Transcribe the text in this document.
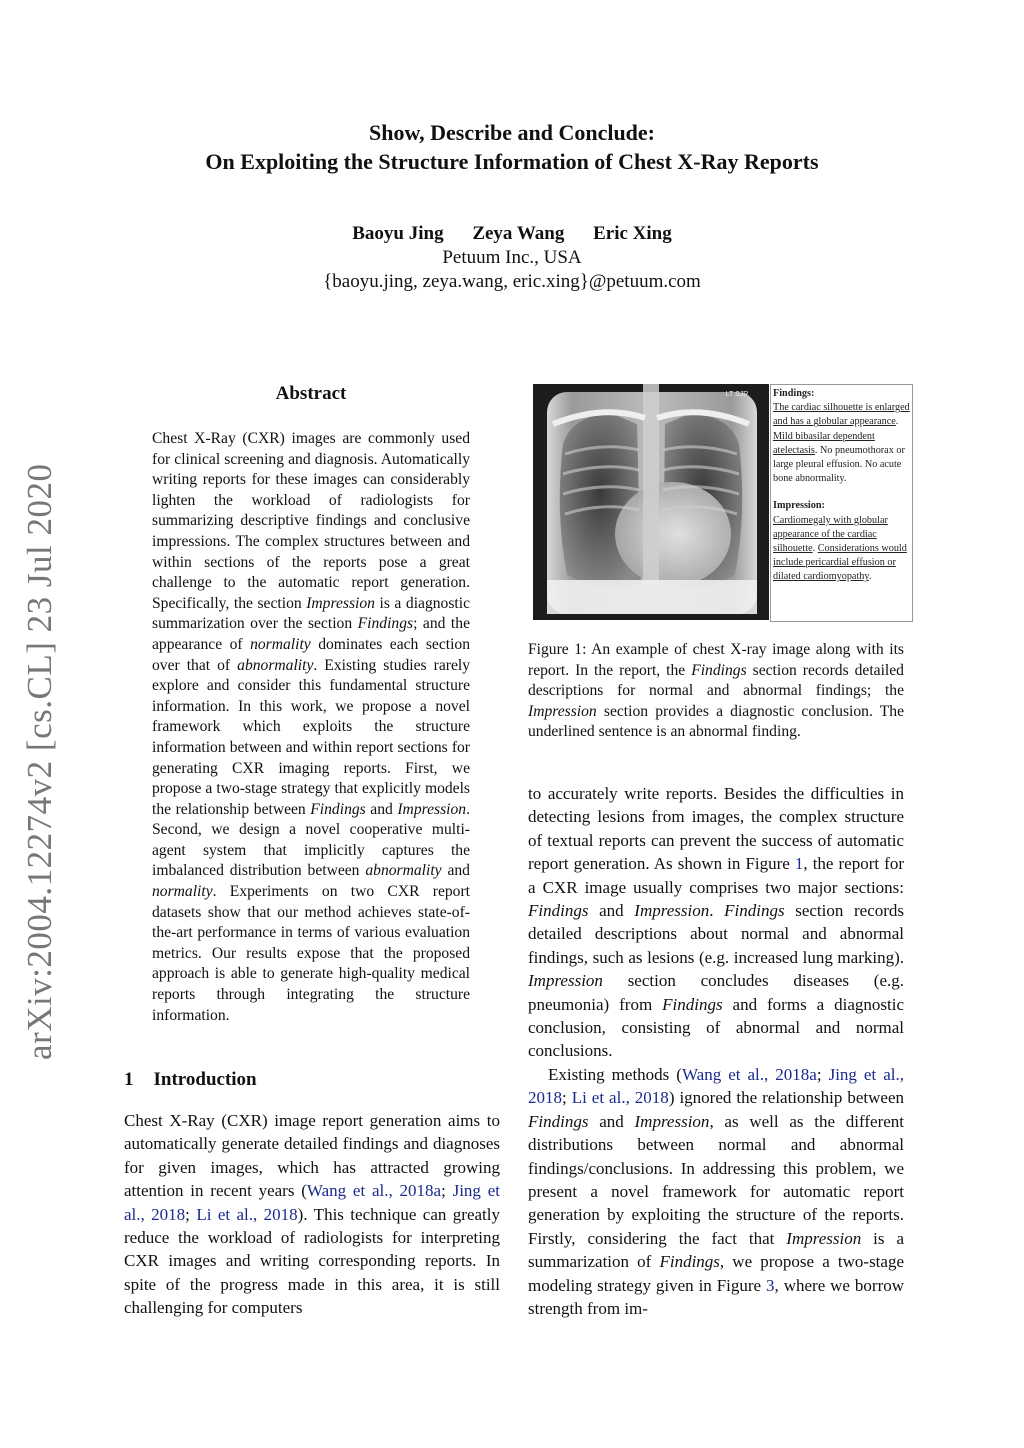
Show, Describe and Conclude:
On Exploiting the Structure Information of Chest X-Ray Reports
Baoyu Jing Zeya Wang Eric Xing
Petuum Inc., USA
{baoyu.jing, zeya.wang, eric.xing}@petuum.com
arXiv:2004.12274v2 [cs.CL] 23 Jul 2020
Abstract

Chest X-Ray (CXR) images are commonly used for clinical screening and diagnosis. Automatically writing reports for these images can considerably lighten the workload of radiologists for summarizing descriptive findings and conclusive impressions. The complex structures between and within sections of the reports pose a great challenge to the automatic report generation. Specifically, the section Impression is a diagnostic summarization over the section Findings; and the appearance of normality dominates each section over that of abnormality. Existing studies rarely explore and consider this fundamental structure information. In this work, we propose a novel framework which exploits the structure information between and within report sections for generating CXR imaging reports. First, we propose a two-stage strategy that explicitly models the relationship between Findings and Impression. Second, we design a novel cooperative multi-agent system that implicitly captures the imbalanced distribution between abnormality and normality. Experiments on two CXR report datasets show that our method achieves state-of-the-art performance in terms of various evaluation metrics. Our results expose that the proposed approach is able to generate high-quality medical reports through integrating the structure information.

1 Introduction

Chest X-Ray (CXR) image report generation aims to automatically generate detailed findings and diagnoses for given images, which has attracted growing attention in recent years (Wang et al., 2018a; Jing et al., 2018; Li et al., 2018). This technique can greatly reduce the workload of radiologists for interpreting CXR images and writing corresponding reports. In spite of the progress made in this area, it is still challenging for computers

LT SJR Findings:

The cardiac silhouette is enlarged and has a globular appearance. Mild bibasilar dependent atelectasis. No pneumothorax or large pleural effusion. No acute bone abnormality.

Impression:

Cardiomegaly with globular appearance of the cardiac silhouette. Considerations would include pericardial effusion or dilated cardiomyopathy.

Figure 1: An example of chest X-ray image along with its report. In the report, the Findings section records detailed descriptions for normal and abnormal findings; the Impression section provides a diagnostic conclusion. The underlined sentence is an abnormal finding.

to accurately write reports. Besides the difficulties in detecting lesions from images, the complex structure of textual reports can prevent the success of automatic report generation. As shown in Figure 1, the report for a CXR image usually comprises two major sections: Findings and Impression. Findings section records detailed descriptions about normal and abnormal findings, such as lesions (e.g. increased lung marking). Impression section concludes diseases (e.g. pneumonia) from Findings and forms a diagnostic conclusion, consisting of abnormal and normal conclusions.

Existing methods (Wang et al., 2018a; Jing et al., 2018; Li et al., 2018) ignored the relationship between Findings and Impression, as well as the different distributions between normal and abnormal findings/conclusions. In addressing this problem, we present a novel framework for automatic report generation by exploiting the structure of the reports. Firstly, considering the fact that Impression is a summarization of Findings, we propose a two-stage modeling strategy given in Figure 3, where we borrow strength from im-
